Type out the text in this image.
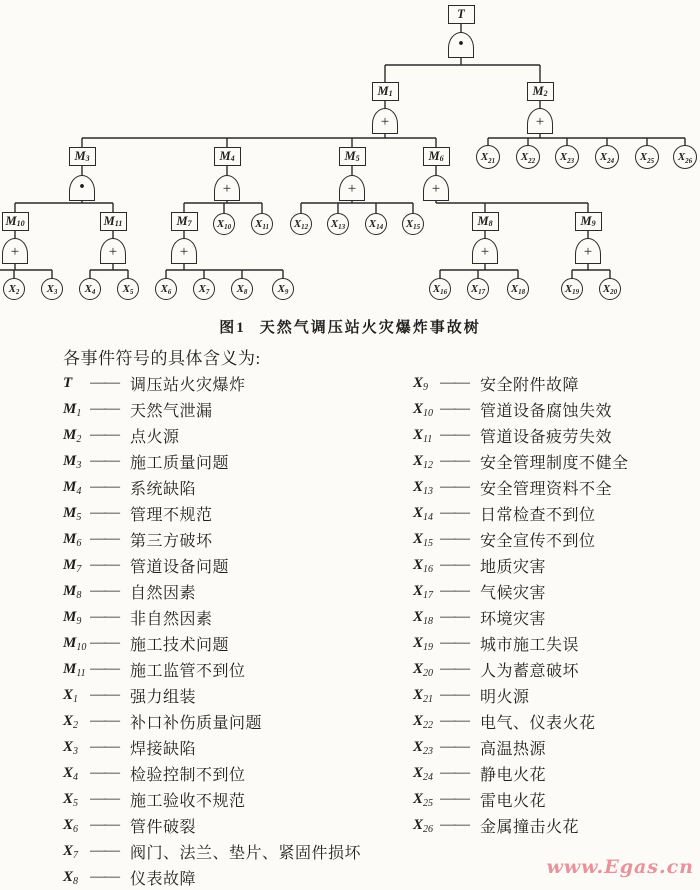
T
$M_1$	$M_2$
$M_3$	$M_4$	$M_5$	$M_6$
$M_{10}$	$M_{11}$	$M_7$	$M_8$	$M_9$
$X_{10}$ $X_{11}$ $X_{12}$ $X_{13}$ $X_{14}$ $X_{15}$
$X_2$ $X_3$ $X_4$ $X_5$ $X_6$ $X_7$ $X_8$	$X_9$	$X_{16}$ $X_{17}$ $X_{18}$	$X_{19}$ $X_{20}$
$X_{21}$ $X_{22}$ $X_{23}$ $X_{24}$ $X_{25}$ $X_{26}$
·
+	+
·	+	+	+
+	+	+	+	+
图1 天然气调压站火灾爆炸事故树
各事件符号的具体含义为:
T —— 调压站火灾爆炸
$M_1$ —— 天然气泄漏
$M_2$ —— 点火源
$M_3$ —— 施工质量问题
$M_4$ —— 系统缺陷
$M_5$ —— 管理不规范
$M_6$ —— 第三方破坏
$M_7$ —— 管道设备问题
$M_8$ —— 自然因素
$M_9$ —— 非自然因素
$M_{10}$ —— 施工技术问题
$M_{11}$ —— 施工监管不到位
$X_1$ —— 强力组装
$X_2$ —— 补口补伤质量问题
$X_3$ —— 焊接缺陷
$X_4$ —— 检验控制不到位
$X_5$ —— 施工验收不规范
$X_6$ —— 管件破裂
$X_7$ —— 阀门、法兰、垫片、紧固件损坏
$X_8$ —— 仪表故障
$X_9$ —— 安全附件故障
$X_{10}$ —— 管道设备腐蚀失效
$X_{11}$ —— 管道设备疲劳失效
$X_{12}$ —— 安全管理制度不健全
$X_{13}$ —— 安全管理资料不全
$X_{14}$ —— 日常检查不到位
$X_{15}$ —— 安全宣传不到位
$X_{16}$ —— 地质灾害
$X_{17}$ —— 气候灾害
$X_{18}$ —— 环境灾害
$X_{19}$ —— 城市施工失误
$X_{20}$ —— 人为蓄意破坏
$X_{21}$ —— 明火源
$X_{22}$ —— 电气、仪表火花
$X_{23}$ —— 高温热源
$X_{24}$ —— 静电火花
$X_{25}$ —— 雷电火花
$X_{26}$ —— 金属撞击火花
www.Egas.cn
